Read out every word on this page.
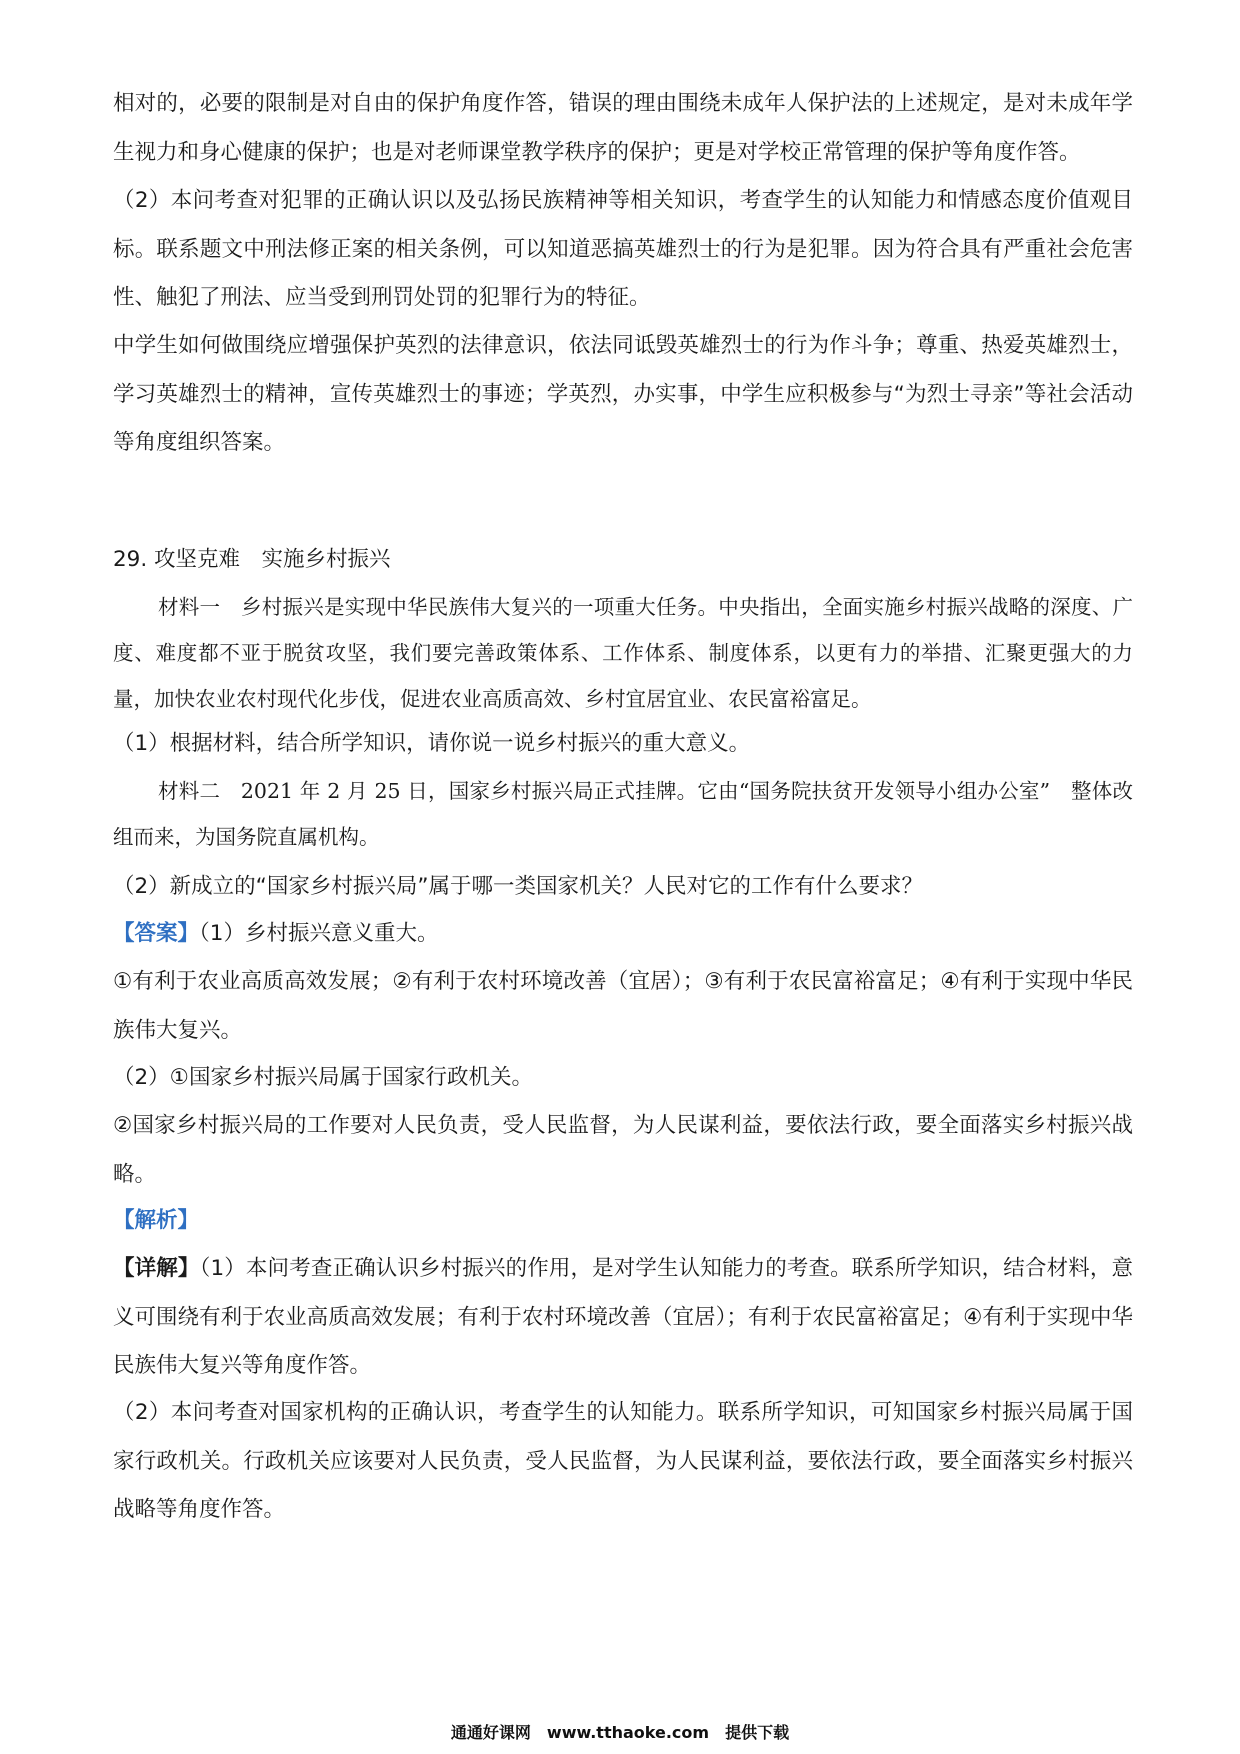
相对的，必要的限制是对自由的保护角度作答，错误的理由围绕未成年人保护法的上述规定，是对未成年学生视力和身心健康的保护；也是对老师课堂教学秩序的保护；更是对学校正常管理的保护等角度作答。

（2）本问考查对犯罪的正确认识以及弘扬民族精神等相关知识，考查学生的认知能力和情感态度价值观目标。联系题文中刑法修正案的相关条例，可以知道恶搞英雄烈士的行为是犯罪。因为符合具有严重社会危害性、触犯了刑法、应当受到刑罚处罚的犯罪行为的特征。

中学生如何做围绕应增强保护英烈的法律意识，依法同诋毁英雄烈士的行为作斗争；尊重、热爱英雄烈士，学习英雄烈士的精神，宣传英雄烈士的事迹；学英烈，办实事，中学生应积极参与“为烈士寻亲”等社会活动等角度组织答案。

29. 攻坚克难　实施乡村振兴

材料一　乡村振兴是实现中华民族伟大复兴的一项重大任务。中央指出，全面实施乡村振兴战略的深度、广度、难度都不亚于脱贫攻坚，我们要完善政策体系、工作体系、制度体系，以更有力的举措、汇聚更强大的力量，加快农业农村现代化步伐，促进农业高质高效、乡村宜居宜业、农民富裕富足。

（1）根据材料，结合所学知识，请你说一说乡村振兴的重大意义。

材料二　2021 年 2 月 25 日，国家乡村振兴局正式挂牌。它由“国务院扶贫开发领导小组办公室”　整体改组而来，为国务院直属机构。

（2）新成立的“国家乡村振兴局”属于哪一类国家机关？人民对它的工作有什么要求？

【答案】（1）乡村振兴意义重大。

①有利于农业高质高效发展；②有利于农村环境改善（宜居）；③有利于农民富裕富足；④有利于实现中华民族伟大复兴。

（2）①国家乡村振兴局属于国家行政机关。

②国家乡村振兴局的工作要对人民负责，受人民监督，为人民谋利益，要依法行政，要全面落实乡村振兴战略。

【解析】

【详解】（1）本问考查正确认识乡村振兴的作用，是对学生认知能力的考查。联系所学知识，结合材料，意义可围绕有利于农业高质高效发展；有利于农村环境改善（宜居）；有利于农民富裕富足；④有利于实现中华民族伟大复兴等角度作答。

（2）本问考查对国家机构的正确认识，考查学生的认知能力。联系所学知识，可知国家乡村振兴局属于国家行政机关。行政机关应该要对人民负责，受人民监督，为人民谋利益，要依法行政，要全面落实乡村振兴战略等角度作答。

通通好课网　www.tthaoke.com　提供下载
